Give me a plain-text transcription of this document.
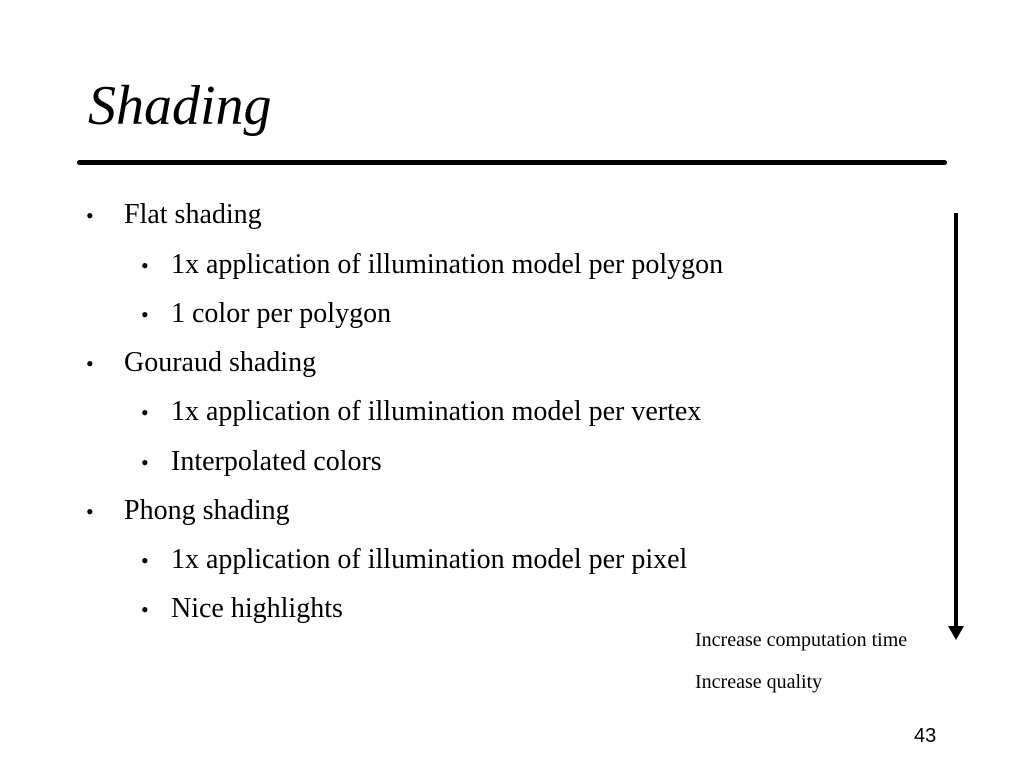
Shading
• Flat shading
• 1x application of illumination model per polygon
• 1 color per polygon
• Gouraud shading
• 1x application of illumination model per vertex
• Interpolated colors
• Phong shading
• 1x application of illumination model per pixel
• Nice highlights
Increase computation time
Increase quality
43
